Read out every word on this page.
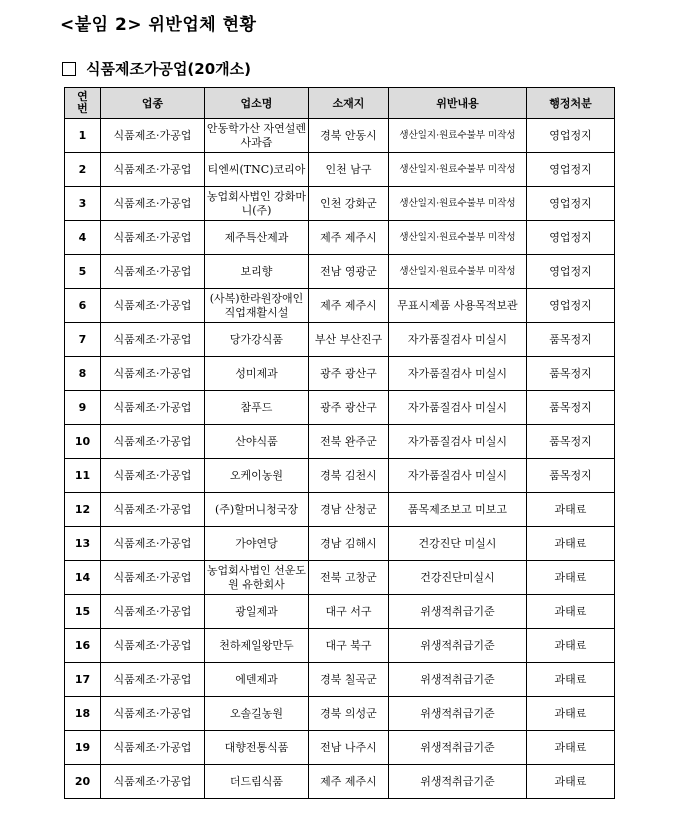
<붙임 2> 위반업체 현황
식품제조가공업(20개소)
연번	업종	업소명	소재지	위반내용	행정처분
1	식품제조·가공업	안동학가산 자연설렌 사과즙	경북 안동시	생산일지·원료수불부 미작성	영업정지
2	식품제조·가공업	티엔씨(TNC)코리아	인천 남구	생산일지·원료수불부 미작성	영업정지
3	식품제조·가공업	농업회사법인 강화마니(주)	인천 강화군	생산일지·원료수불부 미작성	영업정지
4	식품제조·가공업	제주특산제과	제주 제주시	생산일지·원료수불부 미작성	영업정지
5	식품제조·가공업	보리향	전남 영광군	생산일지·원료수불부 미작성	영업정지
6	식품제조·가공업	(사복)한라원장애인 직업재활시설	제주 제주시	무표시제품 사용목적보관	영업정지
7	식품제조·가공업	당가강식품	부산 부산진구	자가품질검사 미실시	품목정지
8	식품제조·가공업	성미제과	광주 광산구	자가품질검사 미실시	품목정지
9	식품제조·가공업	참푸드	광주 광산구	자가품질검사 미실시	품목정지
10	식품제조·가공업	산야식품	전북 완주군	자가품질검사 미실시	품목정지
11	식품제조·가공업	오케이농원	경북 김천시	자가품질검사 미실시	품목정지
12	식품제조·가공업	(주)할머니청국장	경남 산청군	품목제조보고 미보고	과태료
13	식품제조·가공업	가야연당	경남 김해시	건강진단 미실시	과태료
14	식품제조·가공업	농업회사법인 선운도원 유한회사	전북 고창군	건강진단미실시	과태료
15	식품제조·가공업	광일제과	대구 서구	위생적취급기준	과태료
16	식품제조·가공업	천하제일왕만두	대구 북구	위생적취급기준	과태료
17	식품제조·가공업	에덴제과	경북 칠곡군	위생적취급기준	과태료
18	식품제조·가공업	오솔길농원	경북 의성군	위생적취급기준	과태료
19	식품제조·가공업	대향전통식품	전남 나주시	위생적취급기준	과태료
20	식품제조·가공업	더드림식품	제주 제주시	위생적취급기준	과태료
